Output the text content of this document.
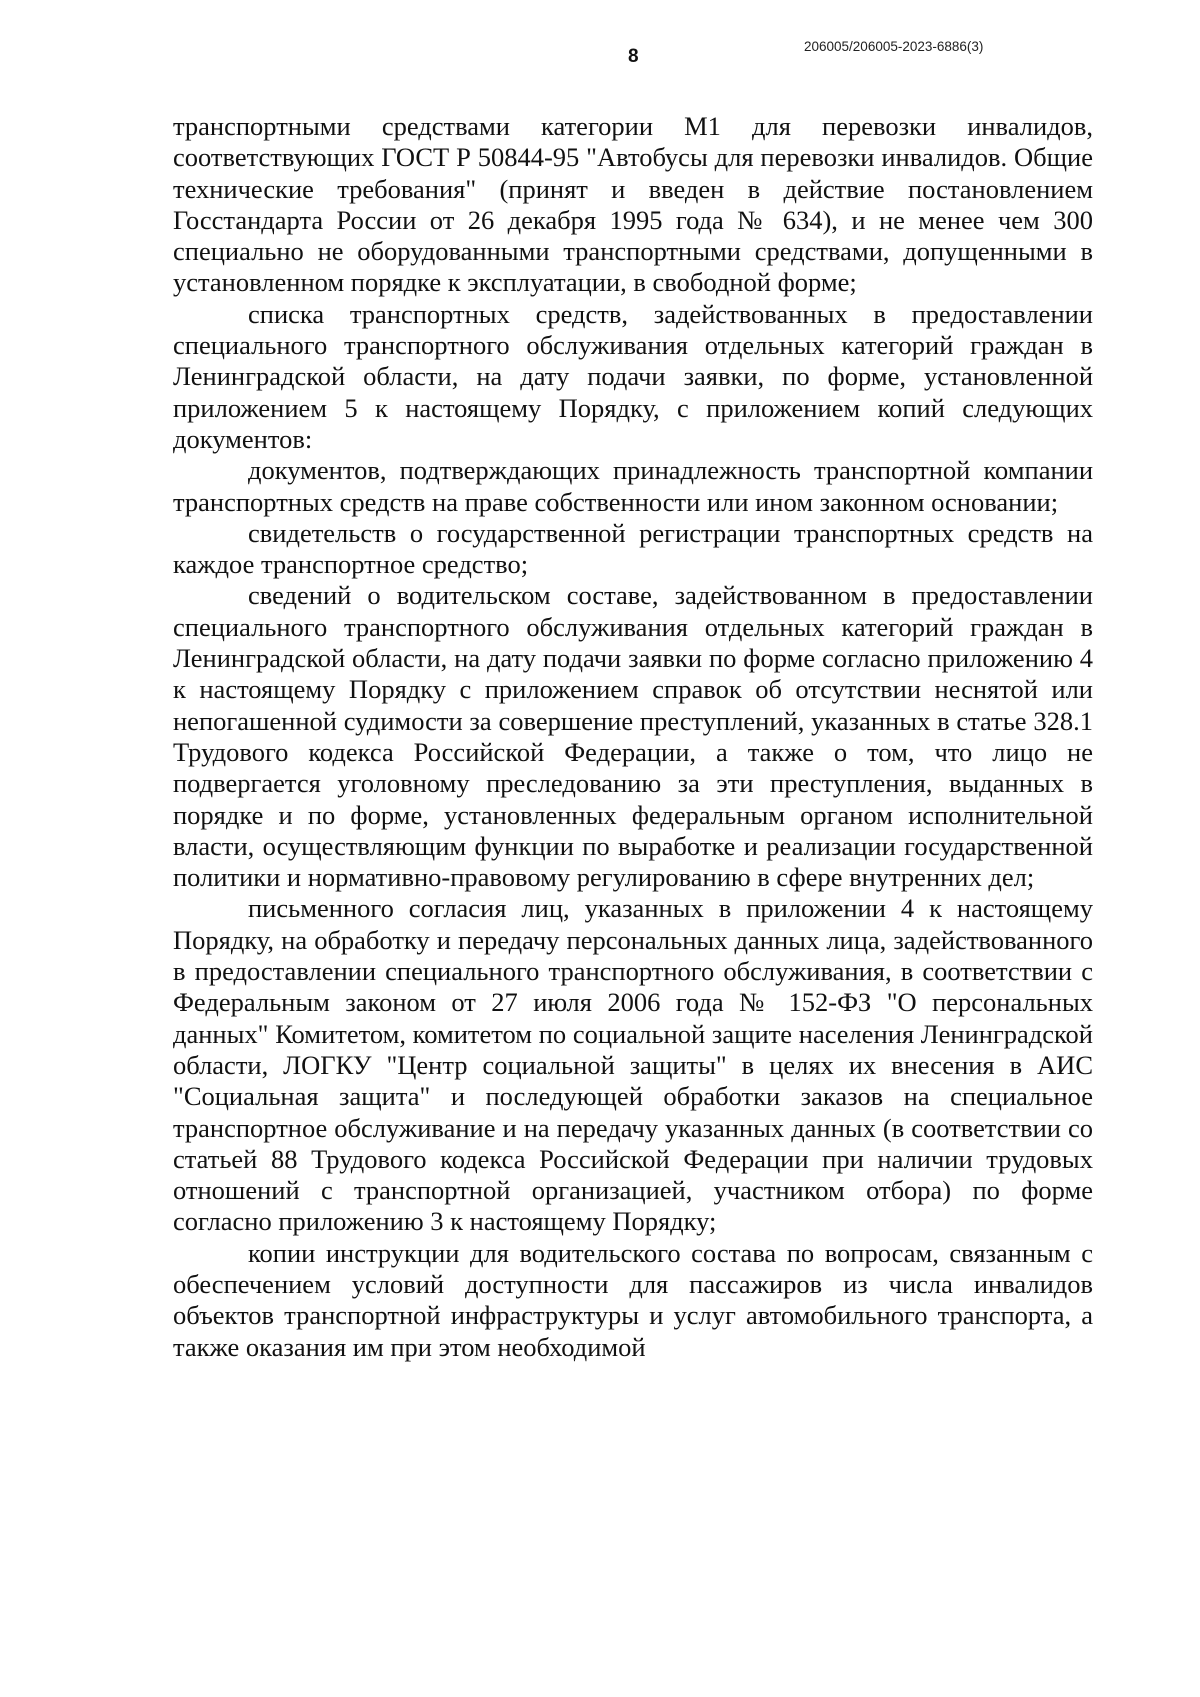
8	206005/206005-2023-6886(3)

транспортными средствами категории М1 для перевозки инвалидов, соответствующих ГОСТ Р 50844-95 "Автобусы для перевозки инвалидов. Общие технические требования" (принят и введен в действие постановлением Госстандарта России от 26 декабря 1995 года № 634), и не менее чем 300 специально не оборудованными транспортными средствами, допущенными в установленном порядке к эксплуатации, в свободной форме;

списка транспортных средств, задействованных в предоставлении специального транспортного обслуживания отдельных категорий граждан в Ленинградской области, на дату подачи заявки, по форме, установленной приложением 5 к настоящему Порядку, с приложением копий следующих документов:

документов, подтверждающих принадлежность транспортной компании транспортных средств на праве собственности или ином законном основании;

свидетельств о государственной регистрации транспортных средств на каждое транспортное средство;

сведений о водительском составе, задействованном в предоставлении специального транспортного обслуживания отдельных категорий граждан в Ленинградской области, на дату подачи заявки по форме согласно приложению 4 к настоящему Порядку с приложением справок об отсутствии неснятой или непогашенной судимости за совершение преступлений, указанных в статье 328.1 Трудового кодекса Российской Федерации, а также о том, что лицо не подвергается уголовному преследованию за эти преступления, выданных в порядке и по форме, установленных федеральным органом исполнительной власти, осуществляющим функции по выработке и реализации государственной политики и нормативно-правовому регулированию в сфере внутренних дел;

письменного согласия лиц, указанных в приложении 4 к настоящему Порядку, на обработку и передачу персональных данных лица, задействованного в предоставлении специального транспортного обслуживания, в соответствии с Федеральным законом от 27 июля 2006 года № 152-ФЗ "О персональных данных" Комитетом, комитетом по социальной защите населения Ленинградской области, ЛОГКУ "Центр социальной защиты" в целях их внесения в АИС "Социальная защита" и последующей обработки заказов на специальное транспортное обслуживание и на передачу указанных данных (в соответствии со статьей 88 Трудового кодекса Российской Федерации при наличии трудовых отношений с транспортной организацией, участником отбора) по форме согласно приложению 3 к настоящему Порядку;

копии инструкции для водительского состава по вопросам, связанным с обеспечением условий доступности для пассажиров из числа инвалидов объектов транспортной инфраструктуры и услуг автомобильного транспорта, а также оказания им при этом необходимой
